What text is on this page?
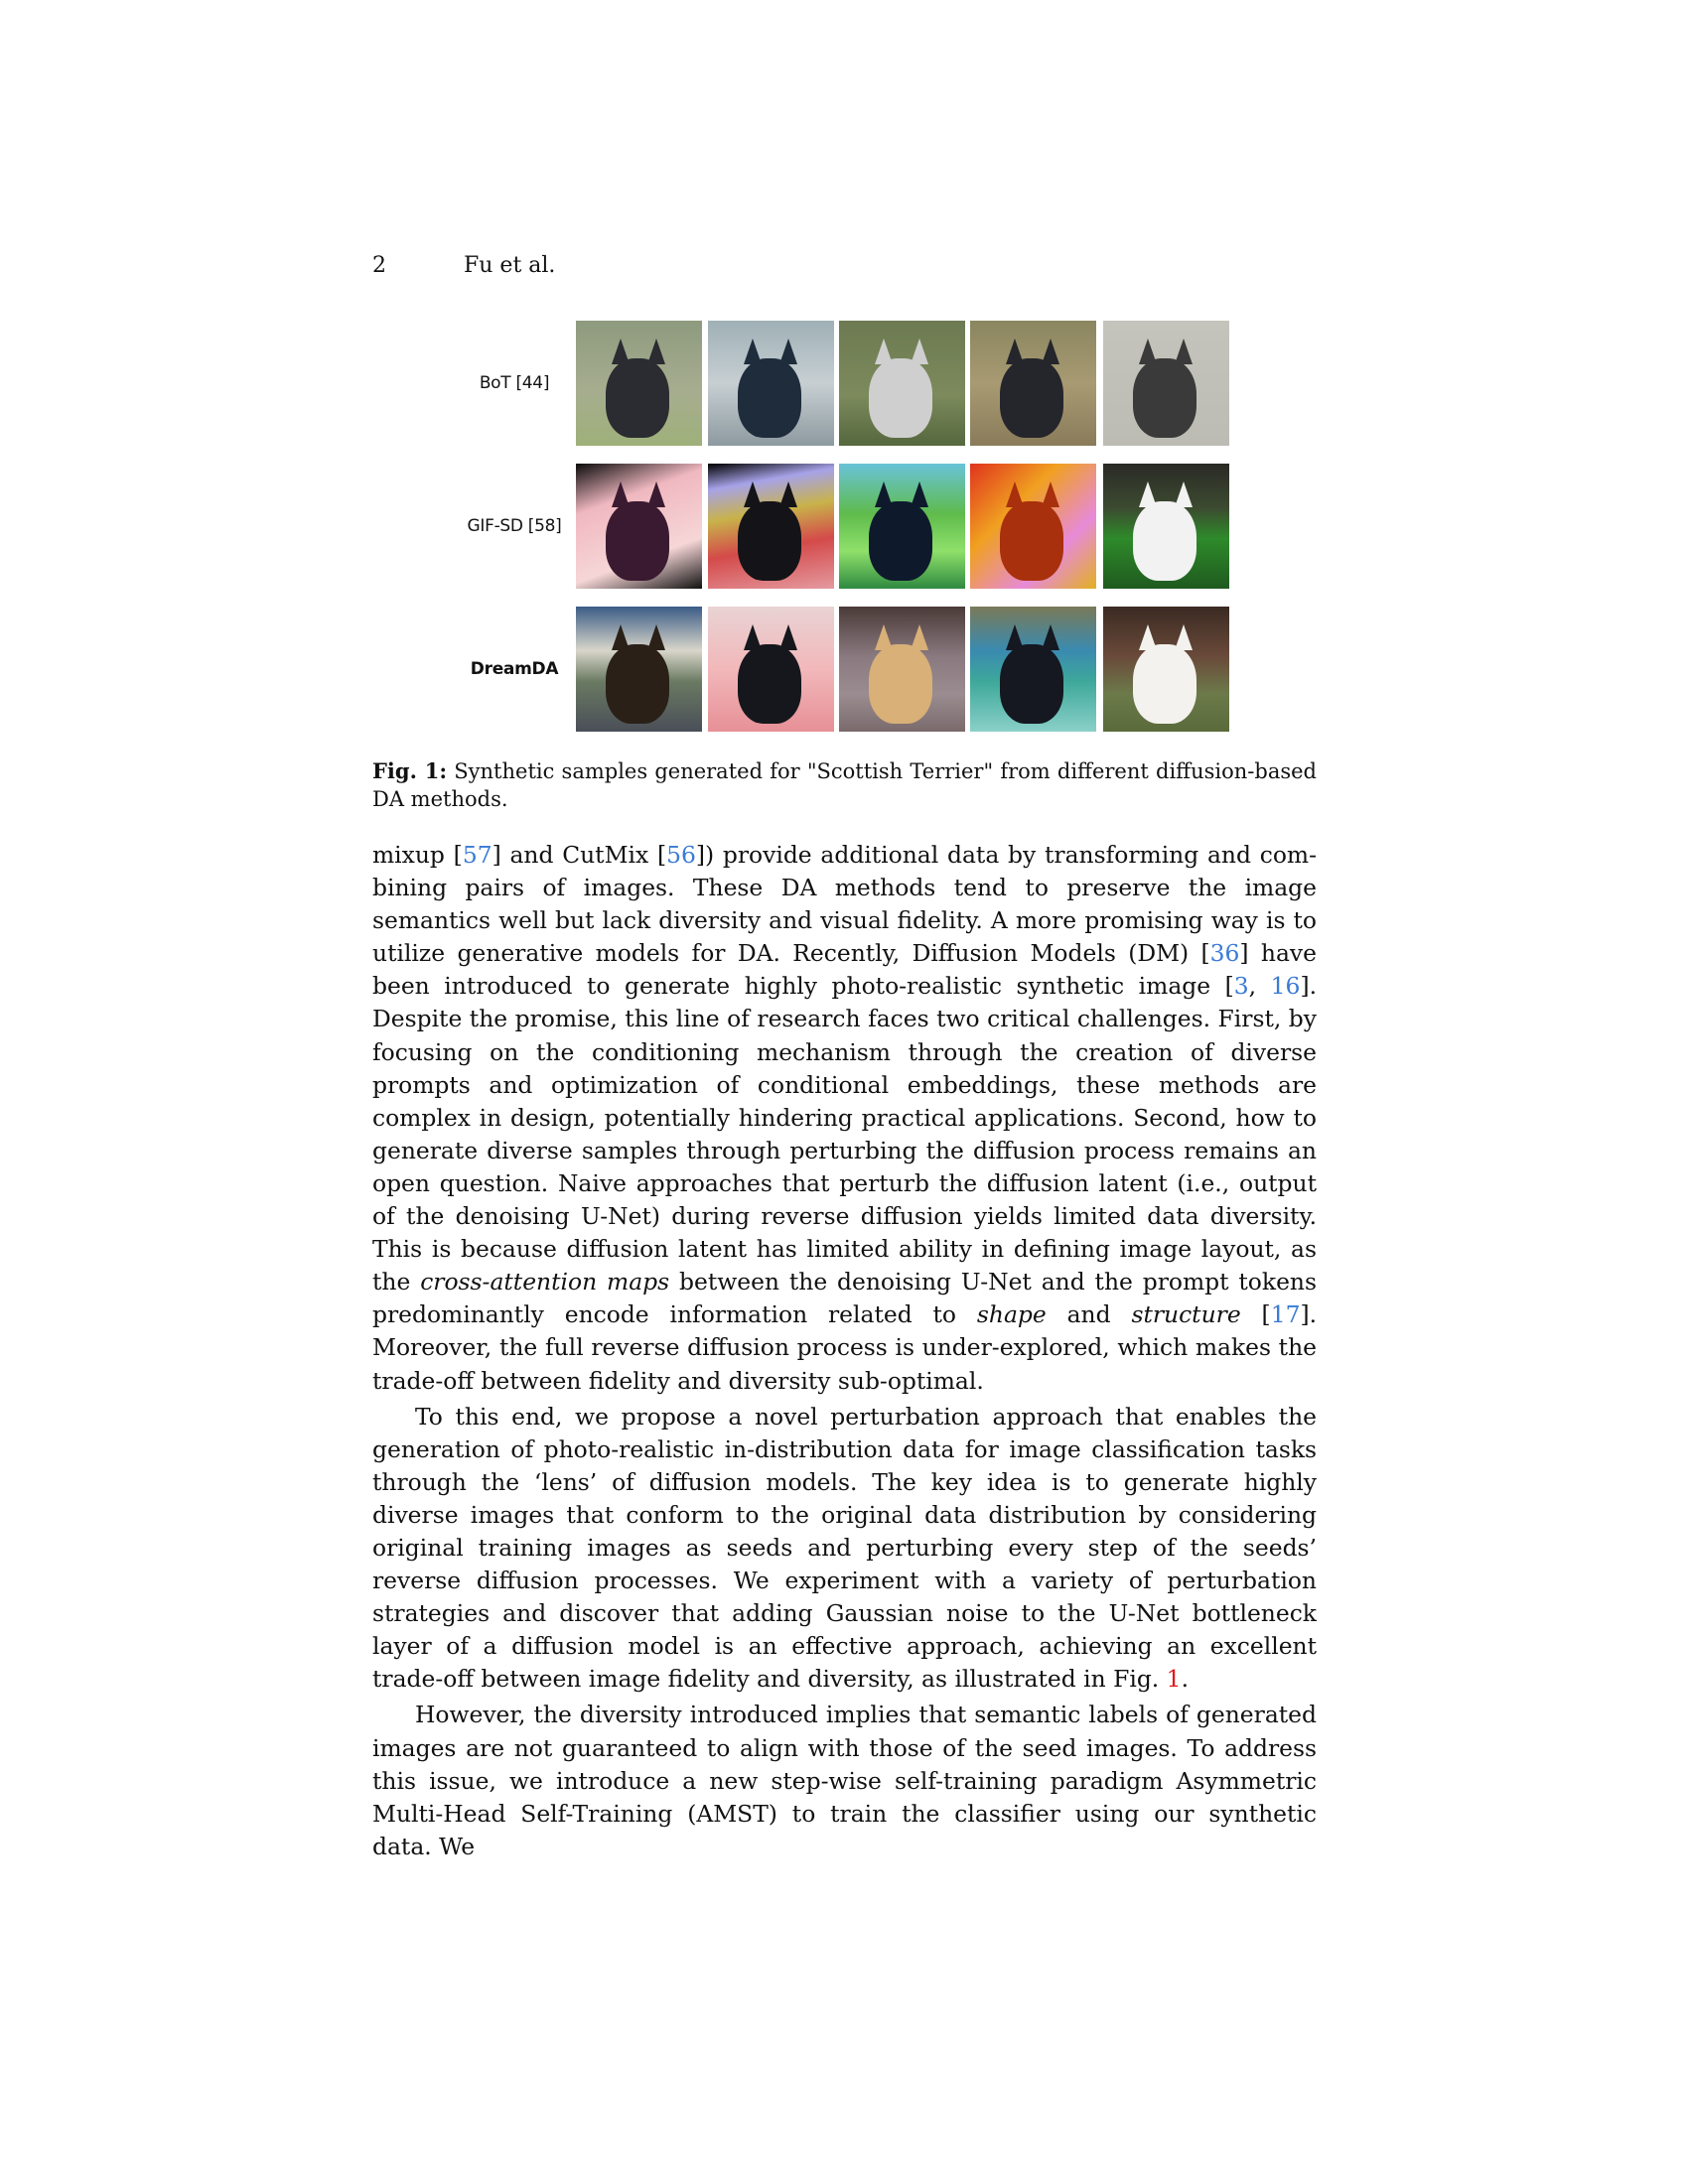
2	Fu et al.
BoT [44]
GIF-SD [58]
DreamDA
Fig. 1: Synthetic samples generated for "Scottish Terrier" from different diffusion-based DA methods.

mixup [57] and CutMix [56]) provide additional data by transforming and combining pairs of images. These DA methods tend to preserve the image semantics well but lack diversity and visual fidelity. A more promising way is to utilize generative models for DA. Recently, Diffusion Models (DM) [36] have been introduced to generate highly photo-realistic synthetic image [3, 16]. Despite the promise, this line of research faces two critical challenges. First, by focusing on the conditioning mechanism through the creation of diverse prompts and optimization of conditional embeddings, these methods are complex in design, potentially hindering practical applications. Second, how to generate diverse samples through perturbing the diffusion process remains an open question. Naive approaches that perturb the diffusion latent (i.e., output of the denoising U-Net) during reverse diffusion yields limited data diversity. This is because diffusion latent has limited ability in defining image layout, as the cross-attention maps between the denoising U-Net and the prompt tokens predominantly encode information related to shape and structure [17]. Moreover, the full reverse diffusion process is under-explored, which makes the trade-off between fidelity and diversity sub-optimal.

To this end, we propose a novel perturbation approach that enables the generation of photo-realistic in-distribution data for image classification tasks through the ‘lens’ of diffusion models. The key idea is to generate highly diverse images that conform to the original data distribution by considering original training images as seeds and perturbing every step of the seeds’ reverse diffusion processes. We experiment with a variety of perturbation strategies and discover that adding Gaussian noise to the U-Net bottleneck layer of a diffusion model is an effective approach, achieving an excellent trade-off between image fidelity and diversity, as illustrated in Fig. 1.

However, the diversity introduced implies that semantic labels of generated images are not guaranteed to align with those of the seed images. To address this issue, we introduce a new step-wise self-training paradigm Asymmetric Multi-Head Self-Training (AMST) to train the classifier using our synthetic data. We
